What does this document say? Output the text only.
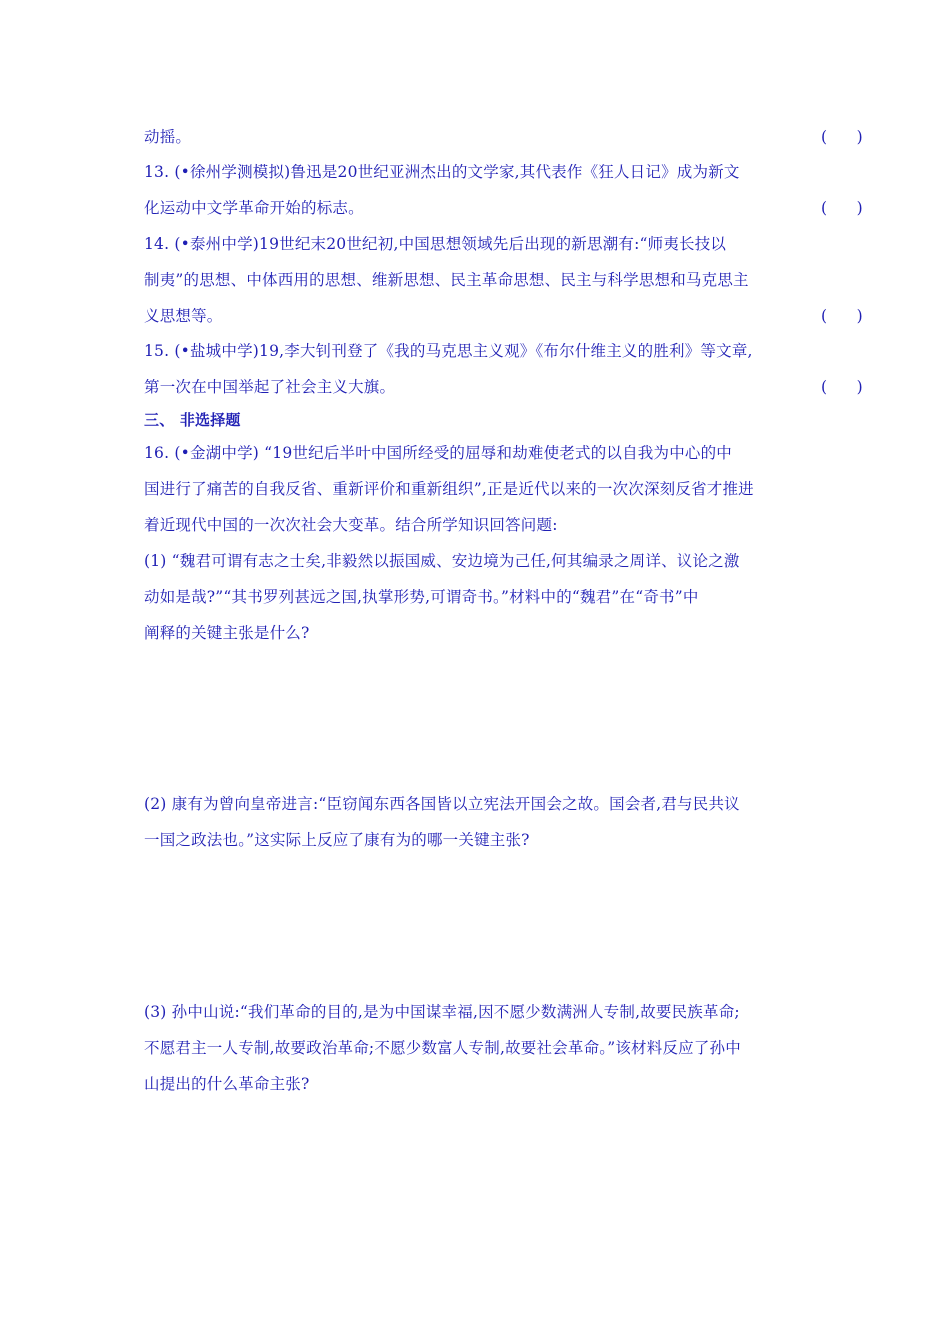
动摇。	(      )
13. (•徐州学测模拟)鲁迅是20世纪亚洲杰出的文学家,其代表作《狂人日记》成为新文
化运动中文学革命开始的标志。	(      )
14. (•泰州中学)19世纪末20世纪初,中国思想领域先后出现的新思潮有:“师夷长技以
制夷”的思想、中体西用的思想、维新思想、民主革命思想、民主与科学思想和马克思主
义思想等。	(      )
15. (•盐城中学)19,李大钊刊登了《我的马克思主义观》《布尔什维主义的胜利》等文章,
第一次在中国举起了社会主义大旗。	(      )
三、 非选择题
16. (•金湖中学) “19世纪后半叶中国所经受的屈辱和劫难使老式的以自我为中心的中
国进行了痛苦的自我反省、重新评价和重新组织”,正是近代以来的一次次深刻反省才推进
着近现代中国的一次次社会大变革。结合所学知识回答问题:
(1) “魏君可谓有志之士矣,非毅然以振国威、安边境为己任,何其编录之周详、议论之激
动如是哉?”“其书罗列甚远之国,执掌形势,可谓奇书。”材料中的“魏君”在“奇书”中
阐释的关键主张是什么?
(2) 康有为曾向皇帝进言:“臣窃闻东西各国皆以立宪法开国会之故。国会者,君与民共议
一国之政法也。”这实际上反应了康有为的哪一关键主张?
(3) 孙中山说:“我们革命的目的,是为中国谋幸福,因不愿少数满洲人专制,故要民族革命;
不愿君主一人专制,故要政治革命;不愿少数富人专制,故要社会革命。”该材料反应了孙中
山提出的什么革命主张?
